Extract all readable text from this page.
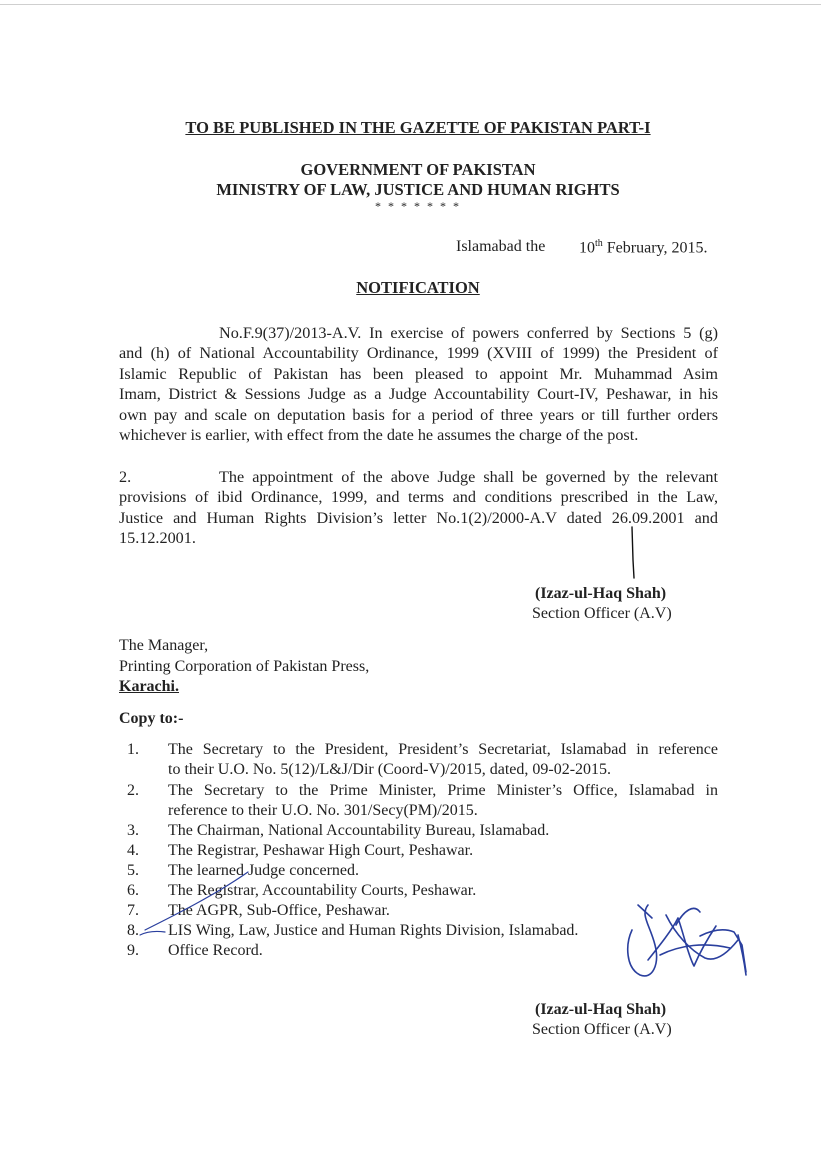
TO BE PUBLISHED IN THE GAZETTE OF PAKISTAN PART-I
GOVERNMENT OF PAKISTAN
MINISTRY OF LAW, JUSTICE AND HUMAN RIGHTS
* * * * * * *
Islamabad the 10th February, 2015.
NOTIFICATION
No.F.9(37)/2013-A.V. In exercise of powers conferred by Sections 5 (g)
and (h) of National Accountability Ordinance, 1999 (XVIII of 1999) the President of
Islamic Republic of Pakistan has been pleased to appoint Mr. Muhammad Asim
Imam, District & Sessions Judge as a Judge Accountability Court-IV, Peshawar, in his
own pay and scale on deputation basis for a period of three years or till further orders
whichever is earlier, with effect from the date he assumes the charge of the post.
2.	The appointment of the above Judge shall be governed by the relevant
provisions of ibid Ordinance, 1999, and terms and conditions prescribed in the Law,
Justice and Human Rights Division’s letter No.1(2)/2000-A.V dated 26.09.2001 and
15.12.2001.
(Izaz-ul-Haq Shah)
Section Officer (A.V)
The Manager,
Printing Corporation of Pakistan Press,
Karachi.
Copy to:-
1.	The Secretary to the President, President’s Secretariat, Islamabad in reference
to their U.O. No. 5(12)/L&J/Dir (Coord-V)/2015, dated, 09-02-2015.
2.	The Secretary to the Prime Minister, Prime Minister’s Office, Islamabad in
reference to their U.O. No. 301/Secy(PM)/2015.
3.	The Chairman, National Accountability Bureau, Islamabad.
4.	The Registrar, Peshawar High Court, Peshawar.
5.	The learned Judge concerned.
6.	The Registrar, Accountability Courts, Peshawar.
7.	The AGPR, Sub-Office, Peshawar.
8.	LIS Wing, Law, Justice and Human Rights Division, Islamabad.
9.	Office Record.
(Izaz-ul-Haq Shah)
Section Officer (A.V)
